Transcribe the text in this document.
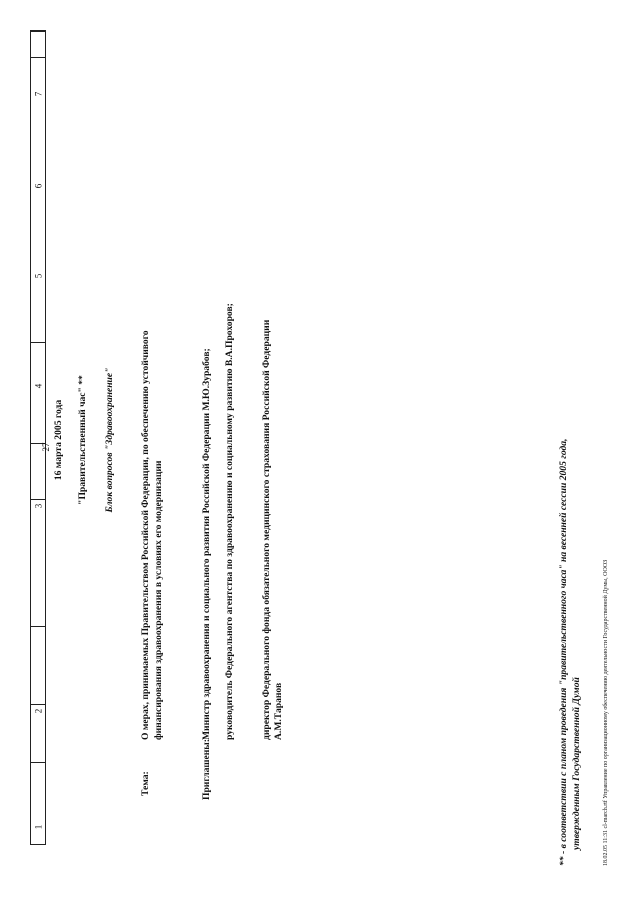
1
2
3
4
5
6
7
27 16 марта 2005 года "Правительственный час" ** Блок вопросов "Здравоохранение"
Тема:
О мерах, принимаемых Правительством Российской Федерации, по обеспечению устойчивого финансирования здравоохранения в условиях его модернизации
Приглашены:
Министр здравоохранения и социального развития Российской Федерации М.Ю.Зурабов; руководитель Федерального агентства по здравоохранению и социальному развитию В.А.Прохоров;	директор Федерального фонда обязательного медицинского страхования Российской Федерации А.М.Таранов	** - в соответствии с планом проведения "правительственного часа" на весенней сессии 2005 года, утвержденным Государственной Думой	18.02.05 11:31 cl-march.rtf Управление по организационному обеспечению деятельности Государственной Думы, ОООЗ
